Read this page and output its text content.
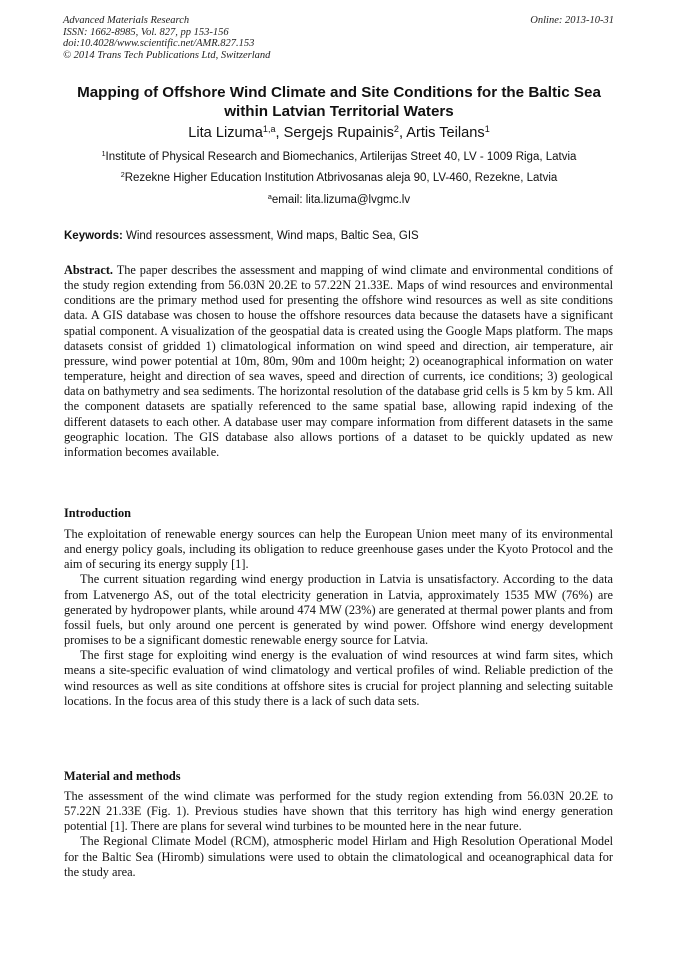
Advanced Materials Research
ISSN: 1662-8985, Vol. 827, pp 153-156
doi:10.4028/www.scientific.net/AMR.827.153
© 2014 Trans Tech Publications Ltd, Switzerland
Online: 2013-10-31
Mapping of Offshore Wind Climate and Site Conditions for the Baltic Sea within Latvian Territorial Waters
Lita Lizuma$^{1,a}$, Sergejs Rupainis$^2$, Artis Teilans$^1$
$^1$Institute of Physical Research and Biomechanics, Artilerijas Street 40, LV - 1009 Riga, Latvia
$^2$Rezekne Higher Education Institution Atbrivosanas aleja 90, LV-460, Rezekne, Latvia
$^a$email: lita.lizuma@lvgmc.lv
Keywords: Wind resources assessment, Wind maps, Baltic Sea, GIS

Abstract. The paper describes the assessment and mapping of wind climate and environmental conditions of the study region extending from 56.03N 20.2E to 57.22N 21.33E. Maps of wind resources and environmental conditions are the primary method used for presenting the offshore wind resources as well as site conditions data. A GIS database was chosen to house the offshore resources data because the datasets have a significant spatial component. A visualization of the geospatial data is created using the Google Maps platform. The maps datasets consist of gridded 1) climatological information on wind speed and direction, air temperature, air pressure, wind power potential at 10m, 80m, 90m and 100m height; 2) oceanographical information on water temperature, height and direction of sea waves, speed and direction of currents, ice conditions; 3) geological data on bathymetry and sea sediments. The horizontal resolution of the database grid cells is 5 km by 5 km. All the component datasets are spatially referenced to the same spatial base, allowing rapid indexing of the different datasets to each other. A database user may compare information from different datasets in the same geographic location. The GIS database also allows portions of a dataset to be quickly updated as new information becomes available.

Introduction

The exploitation of renewable energy sources can help the European Union meet many of its environmental and energy policy goals, including its obligation to reduce greenhouse gases under the Kyoto Protocol and the aim of securing its energy supply [1].

The current situation regarding wind energy production in Latvia is unsatisfactory. According to the data from Latvenergo AS, out of the total electricity generation in Latvia, approximately 1535 MW (76%) are generated by hydropower plants, while around 474 MW (23%) are generated at thermal power plants and from fossil fuels, but only around one percent is generated by wind power. Offshore wind energy development promises to be a significant domestic renewable energy source for Latvia.

The first stage for exploiting wind energy is the evaluation of wind resources at wind farm sites, which means a site-specific evaluation of wind climatology and vertical profiles of wind. Reliable prediction of the wind resources as well as site conditions at offshore sites is crucial for project planning and selecting suitable locations. In the focus area of this study there is a lack of such data sets.

Material and methods

The assessment of the wind climate was performed for the study region extending from 56.03N 20.2E to 57.22N 21.33E (Fig. 1). Previous studies have shown that this territory has high wind energy generation potential [1]. There are plans for several wind turbines to be mounted here in the near future.

The Regional Climate Model (RCM), atmospheric model Hirlam and High Resolution Operational Model for the Baltic Sea (Hiromb) simulations were used to obtain the climatological and oceanographical data for the study area.
